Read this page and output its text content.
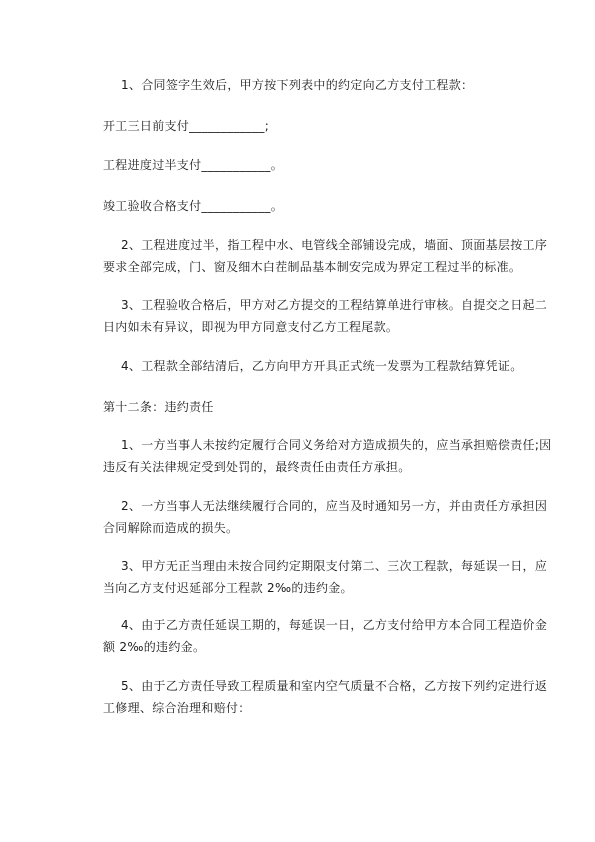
1、合同签字生效后，甲方按下列表中的约定向乙方支付工程款：
开工三日前支付____________;
工程进度过半支付___________。
竣工验收合格支付___________。
2、工程进度过半，指工程中水、电管线全部铺设完成，墙面、顶面基层按工序
要求全部完成，门、窗及细木白茬制品基本制安完成为界定工程过半的标准。
3、工程验收合格后，甲方对乙方提交的工程结算单进行审核。自提交之日起二
日内如未有异议，即视为甲方同意支付乙方工程尾款。
4、工程款全部结清后，乙方向甲方开具正式统一发票为工程款结算凭证。
第十二条：违约责任
1、一方当事人未按约定履行合同义务给对方造成损失的，应当承担赔偿责任;因
违反有关法律规定受到处罚的，最终责任由责任方承担。
2、一方当事人无法继续履行合同的，应当及时通知另一方，并由责任方承担因
合同解除而造成的损失。
3、甲方无正当理由未按合同约定期限支付第二、三次工程款，每延误一日，应
当向乙方支付迟延部分工程款 2‰的违约金。
4、由于乙方责任延误工期的，每延误一日，乙方支付给甲方本合同工程造价金
额 2‰的违约金。
5、由于乙方责任导致工程质量和室内空气质量不合格，乙方按下列约定进行返
工修理、综合治理和赔付：
